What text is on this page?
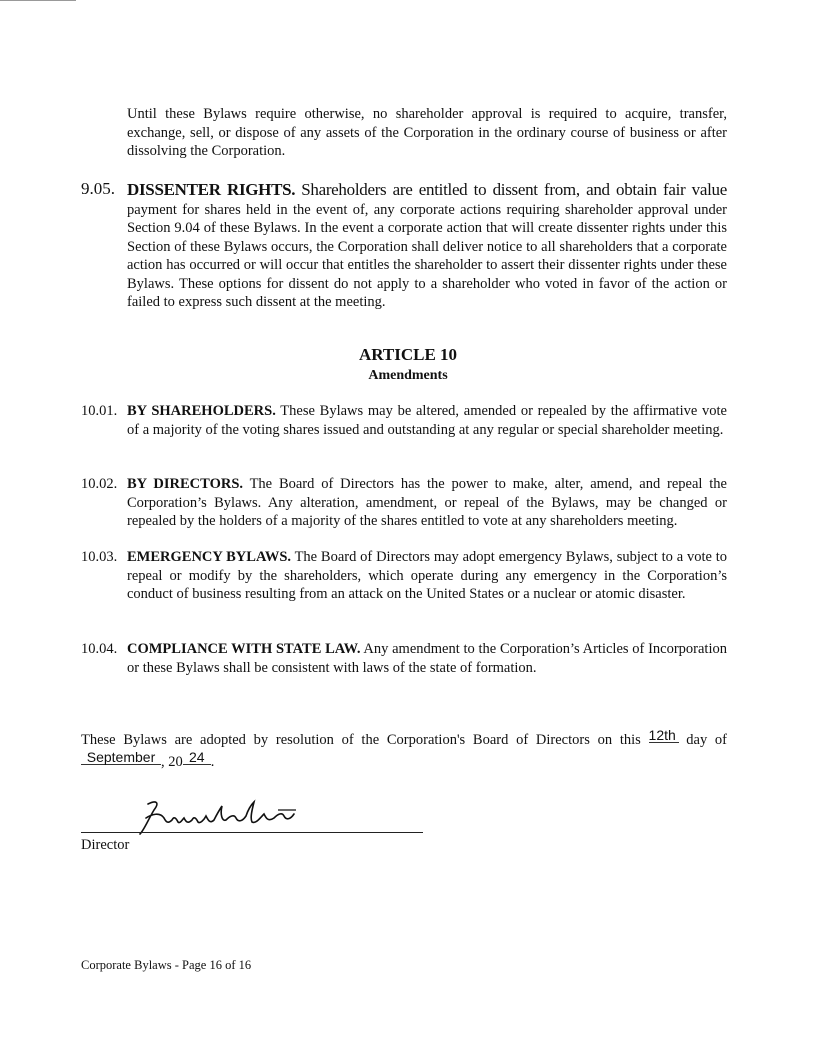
Until these Bylaws require otherwise, no shareholder approval is required to acquire, transfer, exchange, sell, or dispose of any assets of the Corporation in the ordinary course of business or after dissolving the Corporation.
9.05. DISSENTER RIGHTS. Shareholders are entitled to dissent from, and obtain fair value payment for shares held in the event of, any corporate actions requiring shareholder approval under Section 9.04 of these Bylaws. In the event a corporate action that will create dissenter rights under this Section of these Bylaws occurs, the Corporation shall deliver notice to all shareholders that a corporate action has occurred or will occur that entitles the shareholder to assert their dissenter rights under these Bylaws. These options for dissent do not apply to a shareholder who voted in favor of the action or failed to express such dissent at the meeting.
ARTICLE 10
Amendments
10.01. BY SHAREHOLDERS. These Bylaws may be altered, amended or repealed by the affirmative vote of a majority of the voting shares issued and outstanding at any regular or special shareholder meeting.
10.02. BY DIRECTORS. The Board of Directors has the power to make, alter, amend, and repeal the Corporation’s Bylaws. Any alteration, amendment, or repeal of the Bylaws, may be changed or repealed by the holders of a majority of the shares entitled to vote at any shareholders meeting.
10.03. EMERGENCY BYLAWS. The Board of Directors may adopt emergency Bylaws, subject to a vote to repeal or modify by the shareholders, which operate during any emergency in the Corporation’s conduct of business resulting from an attack on the United States or a nuclear or atomic disaster.
10.04. COMPLIANCE WITH STATE LAW. Any amendment to the Corporation’s Articles of Incorporation or these Bylaws shall be consistent with laws of the state of formation.
These Bylaws are adopted by resolution of the Corporation's Board of Directors on this 12th day of
September , 20 24 .
Director
Corporate Bylaws - Page 16 of 16
